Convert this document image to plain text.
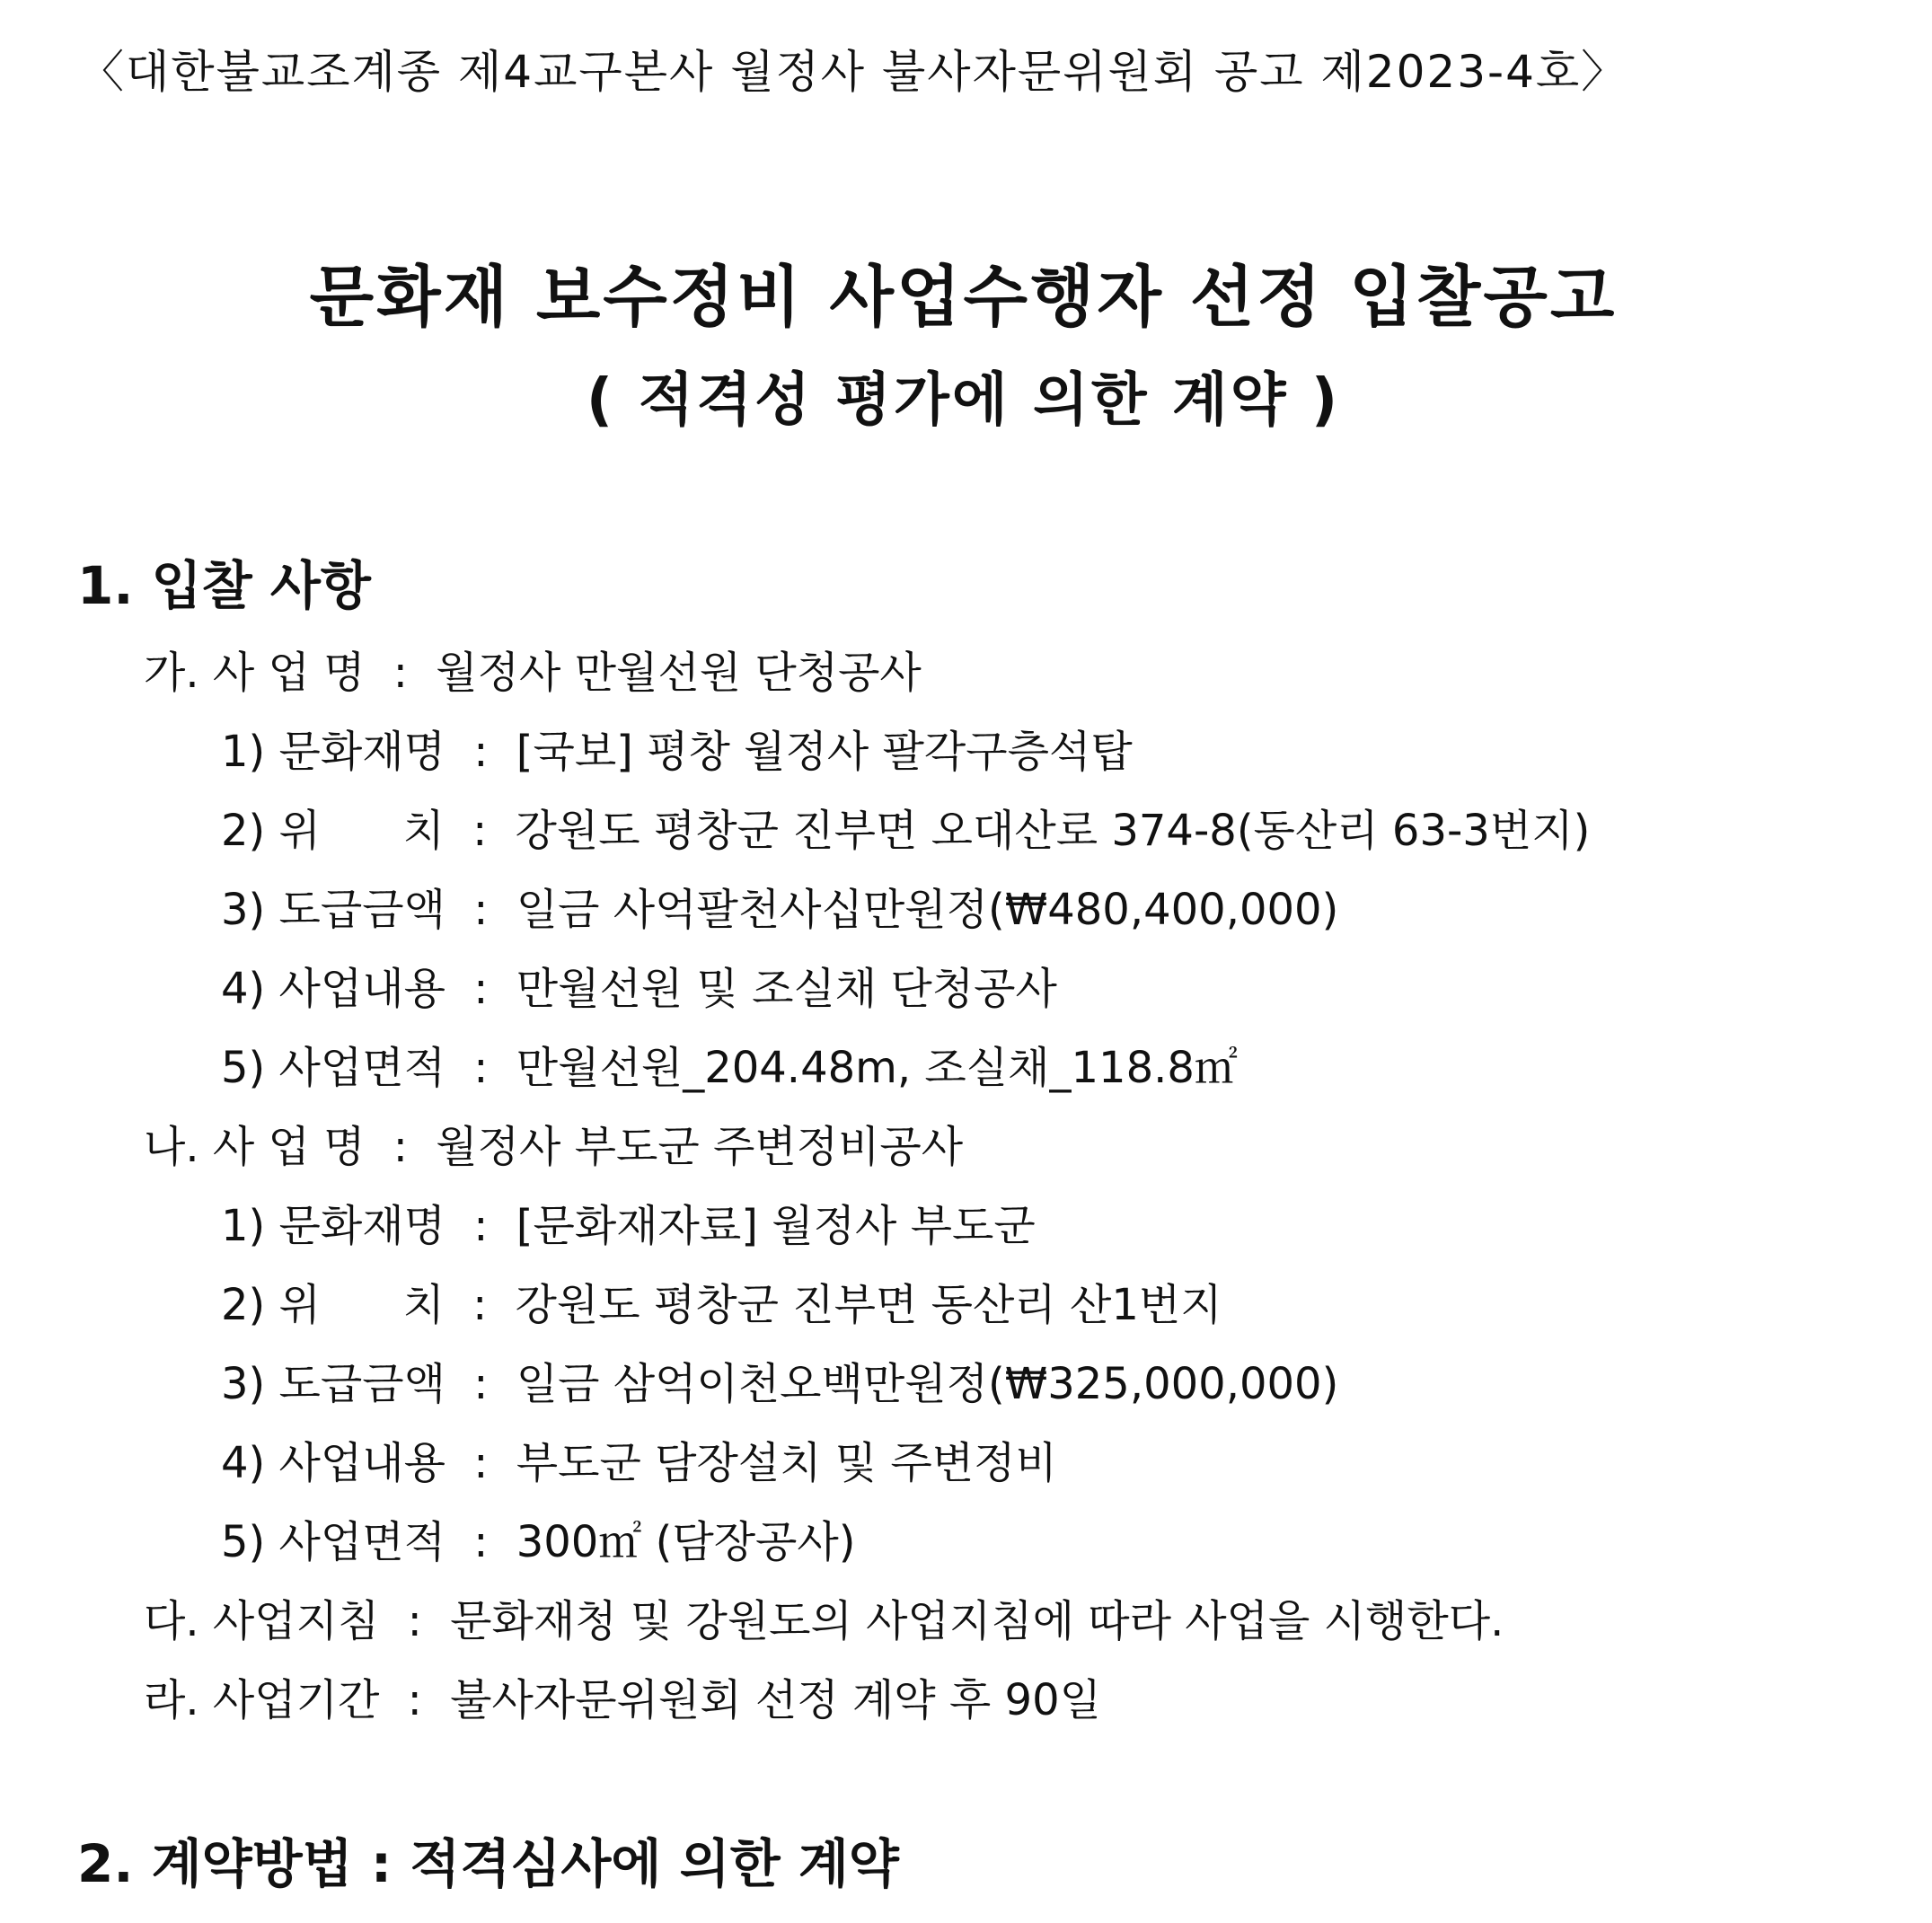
〈대한불교조계종 제4교구본사 월정사 불사자문위원회 공고 제2023-4호〉
문화재 보수정비 사업수행자 선정 입찰공고
( 적격성 평가에 의한 계약 )
1. 입찰 사항
가. 사 업 명 : 월정사 만월선원 단청공사
1) 문화재명 : [국보] 평창 월정사 팔각구층석탑
2) 위      치 : 강원도 평창군 진부면 오대산로 374-8(동산리 63-3번지)
3) 도급금액 : 일금 사억팔천사십만원정(₩480,400,000)
4) 사업내용 : 만월선원 및 조실채 단청공사
5) 사업면적 : 만월선원_204.48m, 조실채_118.8㎡
나. 사 업 명 : 월정사 부도군 주변정비공사
1) 문화재명 : [문화재자료] 월정사 부도군
2) 위      치 : 강원도 평창군 진부면 동산리 산1번지
3) 도급금액 : 일금 삼억이천오백만원정(₩325,000,000)
4) 사업내용 : 부도군 담장설치 및 주변정비
5) 사업면적 : 300㎡ (담장공사)
다. 사업지침 : 문화재청 및 강원도의 사업지침에 따라 사업을 시행한다.
라. 사업기간 : 불사자문위원회 선정 계약 후 90일
2. 계약방법 : 적격심사에 의한 계약
